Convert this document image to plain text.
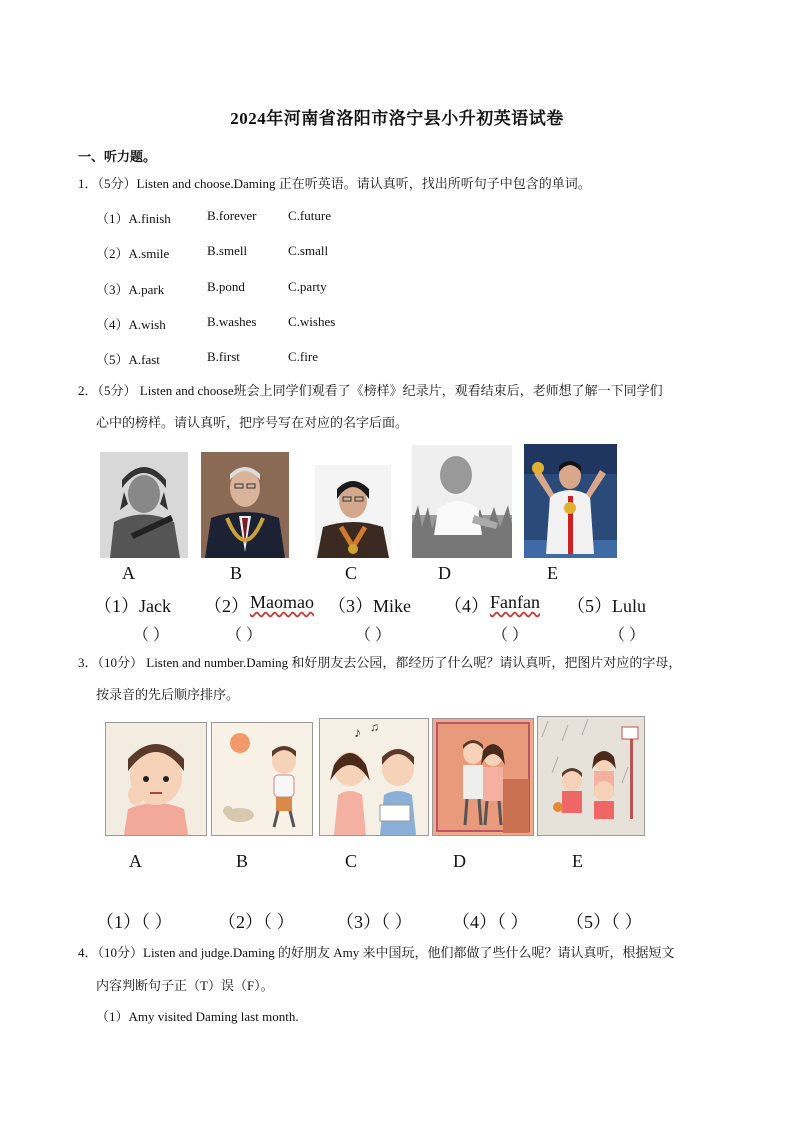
2024年河南省洛阳市洛宁县小升初英语试卷
一、听力题。
1．（5分）Listen and choose.Daming 正在听英语。请认真听，找出所听句子中包含的单词。
（1）A.finish	B.forever C.future
（2）A.smile	B.smell	C.small
（3）A.park	B.pond	C.party
（4）A.wish	B.washes C.wishes
（5）A.fast	B.first	C.fire
2．（5分） Listen and choose班会上同学们观看了《榜样》纪录片，观看结束后，老师想了解一下同学们
心中的榜样。请认真听，把序号写在对应的名字后面。
A	B	C	D	E
（1）Jack （2） Maomao （3）Mike （4） Fanfan （5）Lulu
（ ）	（ ）	（ ）	（ ）	（ ）
3．（10分） Listen and number.Daming 和好朋友去公园，都经历了什么呢？请认真听，把图片对应的字母，
按录音的先后顺序排序。
♪ ♫
A	B	C	D	E
（1）（ ）	（2）（ ） （3）（ ） （4）（ ） （5）（ ）
4．（10分）Listen and judge.Daming 的好朋友 Amy 来中国玩，他们都做了些什么呢？请认真听，根据短文
内容判断句子正（T）误（F）。
（1）Amy visited Daming last month.
